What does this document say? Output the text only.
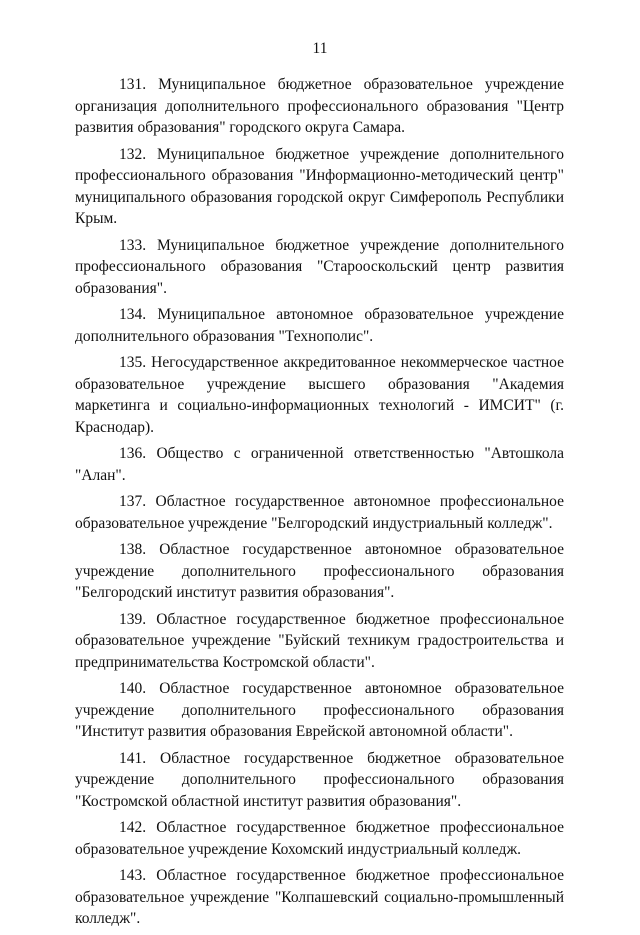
11

131. Муниципальное бюджетное образовательное учреждение организация дополнительного профессионального образования "Центр развития образования" городского округа Самара.

132. Муниципальное бюджетное учреждение дополнительного профессионального образования "Информационно-методический центр" муниципального образования городской округ Симферополь Республики Крым.

133. Муниципальное бюджетное учреждение дополнительного профессионального образования "Старооскольский центр развития образования".

134. Муниципальное автономное образовательное учреждение дополнительного образования "Технополис".

135. Негосударственное аккредитованное некоммерческое частное образовательное учреждение высшего образования "Академия маркетинга и социально-информационных технологий - ИМСИТ" (г. Краснодар).

136. Общество с ограниченной ответственностью "Автошкола "Алан".

137. Областное государственное автономное профессиональное образовательное учреждение "Белгородский индустриальный колледж".

138. Областное государственное автономное образовательное учреждение дополнительного профессионального образования "Белгородский институт развития образования".

139. Областное государственное бюджетное профессиональное образовательное учреждение "Буйский техникум градостроительства и предпринимательства Костромской области".

140. Областное государственное автономное образовательное учреждение дополнительного профессионального образования "Институт развития образования Еврейской автономной области".

141. Областное государственное бюджетное образовательное учреждение дополнительного профессионального образования "Костромской областной институт развития образования".

142. Областное государственное бюджетное профессиональное образовательное учреждение Кохомский индустриальный колледж.

143. Областное государственное бюджетное профессиональное образовательное учреждение "Колпашевский социально-промышленный колледж".
